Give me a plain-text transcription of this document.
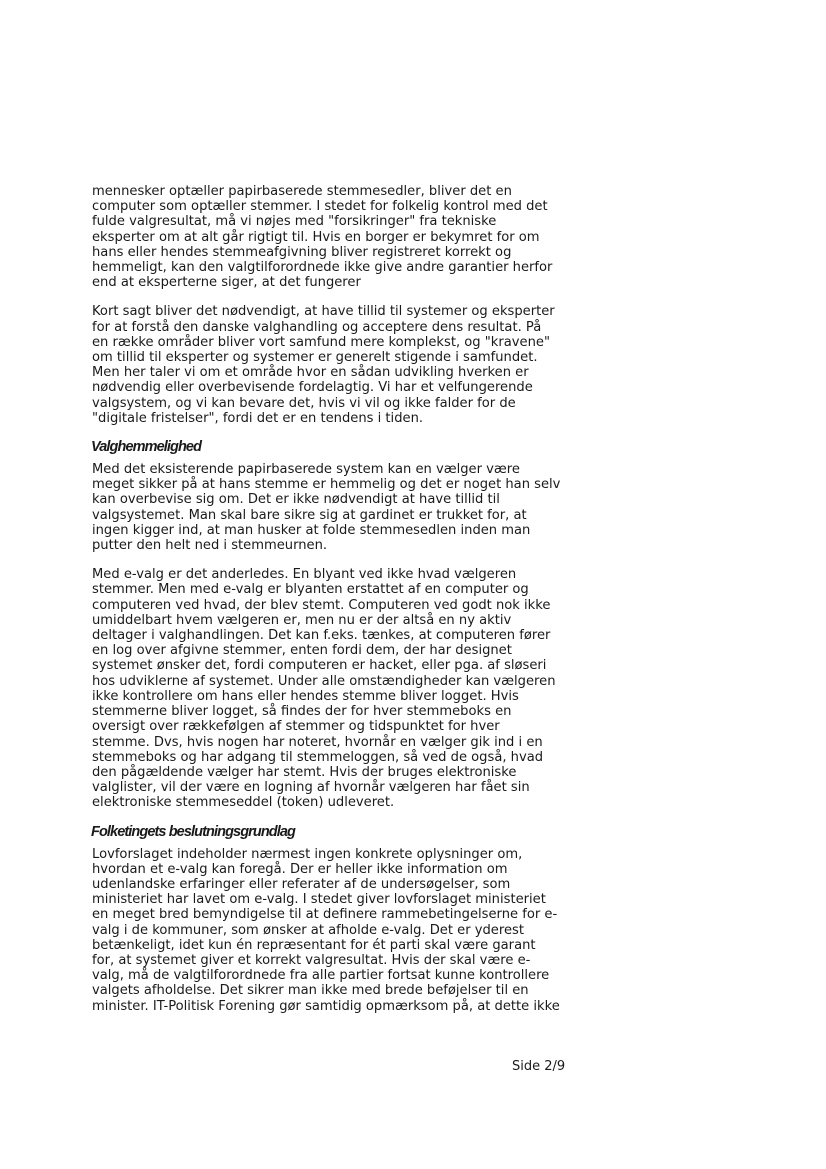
mennesker optæller papirbaserede stemmesedler, bliver det en
computer som optæller stemmer. I stedet for folkelig kontrol med det
fulde valgresultat, må vi nøjes med "forsikringer" fra tekniske
eksperter om at alt går rigtigt til. Hvis en borger er bekymret for om
hans eller hendes stemmeafgivning bliver registreret korrekt og
hemmeligt, kan den valgtilforordnede ikke give andre garantier herfor
end at eksperterne siger, at det fungerer
Kort sagt bliver det nødvendigt, at have tillid til systemer og eksperter
for at forstå den danske valghandling og acceptere dens resultat. På
en række områder bliver vort samfund mere komplekst, og "kravene"
om tillid til eksperter og systemer er generelt stigende i samfundet.
Men her taler vi om et område hvor en sådan udvikling hverken er
nødvendig eller overbevisende fordelagtig. Vi har et velfungerende
valgsystem, og vi kan bevare det, hvis vi vil og ikke falder for de
"digitale fristelser", fordi det er en tendens i tiden.
Valghemmelighed
Med det eksisterende papirbaserede system kan en vælger være
meget sikker på at hans stemme er hemmelig og det er noget han selv
kan overbevise sig om. Det er ikke nødvendigt at have tillid til
valgsystemet. Man skal bare sikre sig at gardinet er trukket for, at
ingen kigger ind, at man husker at folde stemmesedlen inden man
putter den helt ned i stemmeurnen.
Med e-valg er det anderledes. En blyant ved ikke hvad vælgeren
stemmer. Men med e-valg er blyanten erstattet af en computer og
computeren ved hvad, der blev stemt. Computeren ved godt nok ikke
umiddelbart hvem vælgeren er, men nu er der altså en ny aktiv
deltager i valghandlingen. Det kan f.eks. tænkes, at computeren fører
en log over afgivne stemmer, enten fordi dem, der har designet
systemet ønsker det, fordi computeren er hacket, eller pga. af sløseri
hos udviklerne af systemet. Under alle omstændigheder kan vælgeren
ikke kontrollere om hans eller hendes stemme bliver logget. Hvis
stemmerne bliver logget, så findes der for hver stemmeboks en
oversigt over rækkefølgen af stemmer og tidspunktet for hver
stemme. Dvs, hvis nogen har noteret, hvornår en vælger gik ind i en
stemmeboks og har adgang til stemmeloggen, så ved de også, hvad
den pågældende vælger har stemt. Hvis der bruges elektroniske
valglister, vil der være en logning af hvornår vælgeren har fået sin
elektroniske stemmeseddel (token) udleveret.
Folketingets beslutningsgrundlag
Lovforslaget indeholder nærmest ingen konkrete oplysninger om,
hvordan et e-valg kan foregå. Der er heller ikke information om
udenlandske erfaringer eller referater af de undersøgelser, som
ministeriet har lavet om e-valg. I stedet giver lovforslaget ministeriet
en meget bred bemyndigelse til at definere rammebetingelserne for e-
valg i de kommuner, som ønsker at afholde e-valg. Det er yderest
betænkeligt, idet kun én repræsentant for ét parti skal være garant
for, at systemet giver et korrekt valgresultat. Hvis der skal være e-
valg, må de valgtilforordnede fra alle partier fortsat kunne kontrollere
valgets afholdelse. Det sikrer man ikke med brede beføjelser til en
minister. IT-Politisk Forening gør samtidig opmærksom på, at dette ikke
Side 2/9
